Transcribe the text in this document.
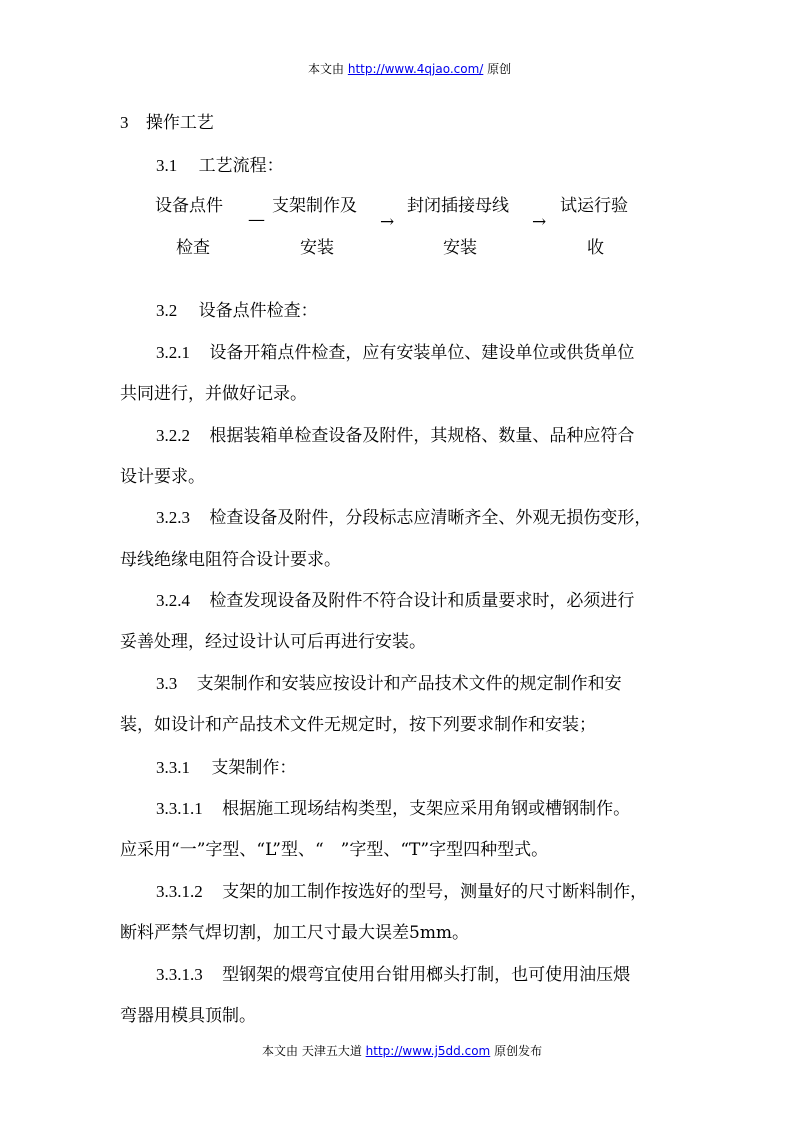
本文由 http://www.4qjao.com/ 原创
3 操作工艺
3.1 工艺流程：
设备点件
检查
—
支架制作及
安装
→
封闭插接母线
安装
→
试运行验
收
3.2 设备点件检查：
3.2.1 设备开箱点件检查，应有安装单位、建设单位或供货单位
共同进行，并做好记录。
3.2.2 根据装箱单检查设备及附件，其规格、数量、品种应符合
设计要求。
3.2.3 检查设备及附件，分段标志应清晰齐全、外观无损伤变形，
母线绝缘电阻符合设计要求。
3.2.4 检查发现设备及附件不符合设计和质量要求时，必须进行
妥善处理，经过设计认可后再进行安装。
3.3 支架制作和安装应按设计和产品技术文件的规定制作和安
装，如设计和产品技术文件无规定时，按下列要求制作和安装；
3.3.1 支架制作：
3.3.1.1 根据施工现场结构类型，支架应采用角钢或槽钢制作。
应采用“一”字型、“L”型、“　”字型、“T”字型四种型式。
3.3.1.2 支架的加工制作按选好的型号，测量好的尺寸断料制作，
断料严禁气焊切割，加工尺寸最大误差5mm。
3.3.1.3 型钢架的煨弯宜使用台钳用榔头打制，也可使用油压煨
弯器用模具顶制。
本文由 天津五大道 http://www.j5dd.com 原创发布
